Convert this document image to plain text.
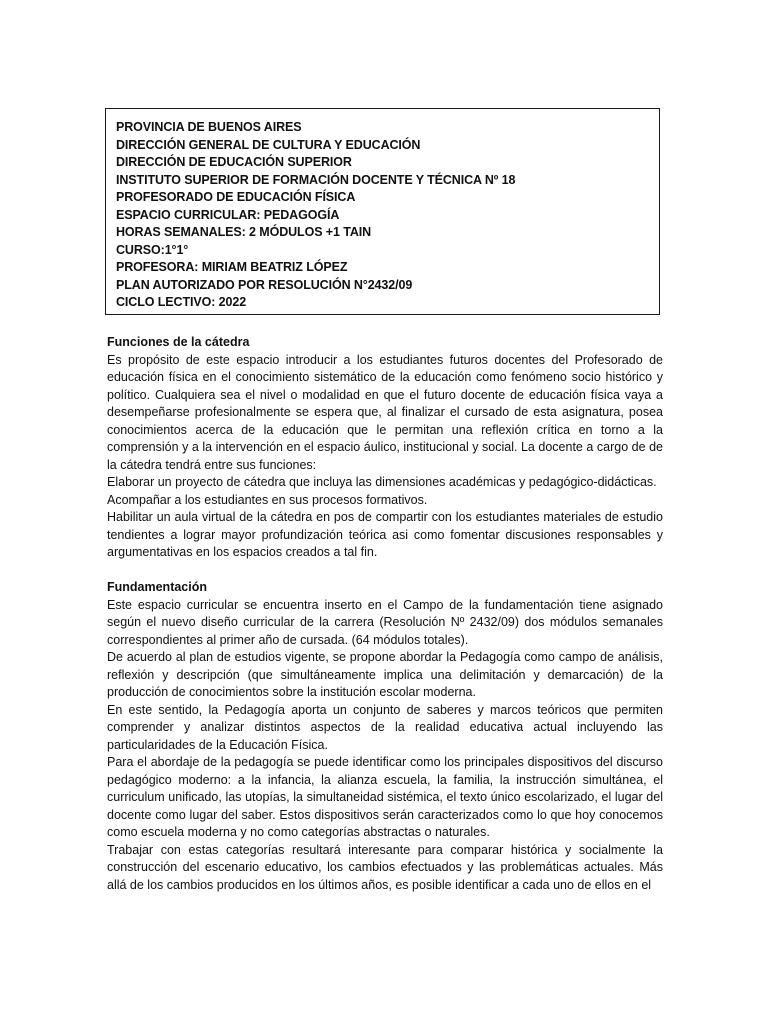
PROVINCIA DE BUENOS AIRES
DIRECCIÓN GENERAL DE CULTURA Y EDUCACIÓN
DIRECCIÓN DE EDUCACIÓN SUPERIOR
INSTITUTO SUPERIOR DE FORMACIÓN DOCENTE Y TÉCNICA Nº 18
PROFESORADO DE EDUCACIÓN FÍSICA
ESPACIO CURRICULAR: PEDAGOGÍA
HORAS SEMANALES: 2 MÓDULOS +1 TAIN
CURSO:1°1°
PROFESORA: MIRIAM BEATRIZ LÓPEZ
PLAN AUTORIZADO POR RESOLUCIÓN N°2432/09
CICLO LECTIVO: 2022

Funciones de la cátedra

Es propósito de este espacio introducir a los estudiantes futuros docentes del Profesorado de educación física en el conocimiento sistemático de la educación como fenómeno socio histórico y político. Cualquiera sea el nivel o modalidad en que el futuro docente de educación física vaya a desempeñarse profesionalmente se espera que, al finalizar el cursado de esta asignatura, posea conocimientos acerca de la educación que le permitan una reflexión crítica en torno a la comprensión y a la intervención en el espacio áulico, institucional y social. La docente a cargo de de la cátedra tendrá entre sus funciones:

Elaborar un proyecto de cátedra que incluya las dimensiones académicas y pedagógico-didácticas.

Acompañar a los estudiantes en sus procesos formativos.

Habilitar un aula virtual de la cátedra en pos de compartir con los estudiantes materiales de estudio tendientes a lograr mayor profundización teórica asi como fomentar discusiones responsables y argumentativas en los espacios creados a tal fin.

Fundamentación

Este espacio curricular se encuentra inserto en el Campo de la fundamentación tiene asignado según el nuevo diseño curricular de la carrera (Resolución Nº 2432/09) dos módulos semanales correspondientes al primer año de cursada. (64 módulos totales).

De acuerdo al plan de estudios vigente, se propone abordar la Pedagogía como campo de análisis, reflexión y descripción (que simultáneamente implica una delimitación y demarcación) de la producción de conocimientos sobre la institución escolar moderna.

En este sentido, la Pedagogía aporta un conjunto de saberes y marcos teóricos que permiten comprender y analizar distintos aspectos de la realidad educativa actual incluyendo las particularidades de la Educación Física.

Para el abordaje de la pedagogía se puede identificar como los principales dispositivos del discurso pedagógico moderno: a la infancia, la alianza escuela, la familia, la instrucción simultánea, el curriculum unificado, las utopías, la simultaneidad sistémica, el texto único escolarizado, el lugar del docente como lugar del saber. Estos dispositivos serán caracterizados como lo que hoy conocemos como escuela moderna y no como categorías abstractas o naturales.

Trabajar con estas categorías resultará interesante para comparar histórica y socialmente la construcción del escenario educativo, los cambios efectuados y las problemáticas actuales. Más allá de los cambios producidos en los últimos años, es posible identificar a cada uno de ellos en el
